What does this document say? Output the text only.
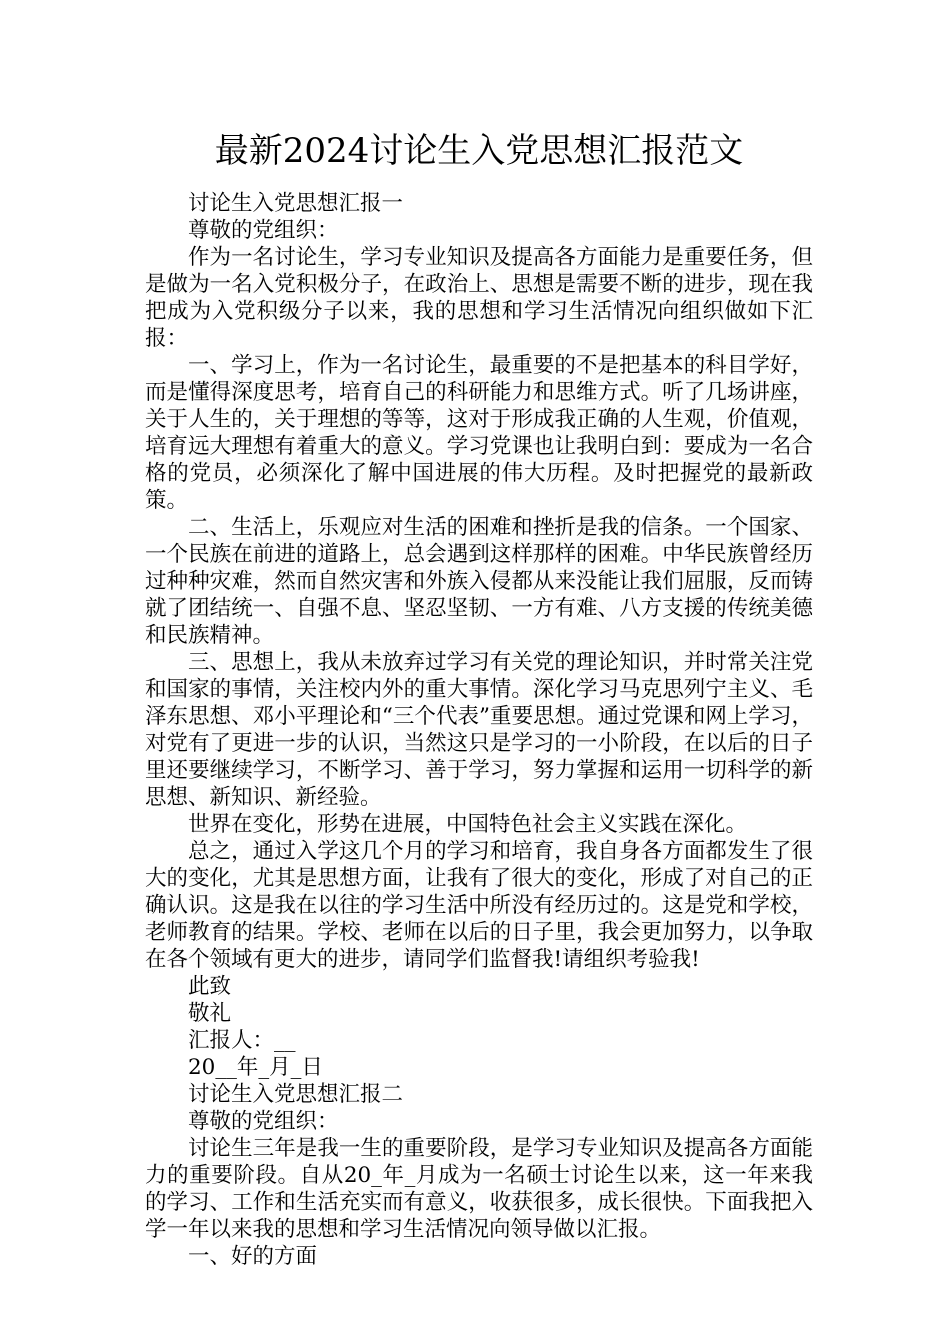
最新2024讨论生入党思想汇报范文

讨论生入党思想汇报一

尊敬的党组织：

作为一名讨论生，学习专业知识及提高各方面能力是重要任务，但是做为一名入党积极分子，在政治上、思想是需要不断的进步，现在我把成为入党积级分子以来，我的思想和学习生活情况向组织做如下汇报：

一、学习上，作为一名讨论生，最重要的不是把基本的科目学好，而是懂得深度思考，培育自己的科研能力和思维方式。听了几场讲座，关于人生的，关于理想的等等，这对于形成我正确的人生观，价值观，培育远大理想有着重大的意义。学习党课也让我明白到：要成为一名合格的党员，必须深化了解中国进展的伟大历程。及时把握党的最新政策。

二、生活上，乐观应对生活的困难和挫折是我的信条。一个国家、一个民族在前进的道路上，总会遇到这样那样的困难。中华民族曾经历过种种灾难，然而自然灾害和外族入侵都从来没能让我们屈服，反而铸就了团结统一、自强不息、坚忍坚韧、一方有难、八方支援的传统美德和民族精神。

三、思想上，我从未放弃过学习有关党的理论知识，并时常关注党和国家的事情，关注校内外的重大事情。深化学习马克思列宁主义、毛泽东思想、邓小平理论和“三个代表”重要思想。通过党课和网上学习，对党有了更进一步的认识，当然这只是学习的一小阶段，在以后的日子里还要继续学习，不断学习、善于学习，努力掌握和运用一切科学的新思想、新知识、新经验。

世界在变化，形势在进展，中国特色社会主义实践在深化。

总之，通过入学这几个月的学习和培育，我自身各方面都发生了很大的变化，尤其是思想方面，让我有了很大的变化，形成了对自己的正确认识。这是我在以往的学习生活中所没有经历过的。这是党和学校，老师教育的结果。学校、老师在以后的日子里，我会更加努力，以争取在各个领域有更大的进步，请同学们监督我!请组织考验我!

此致

敬礼

汇报人：__

20__年_月_日

讨论生入党思想汇报二

尊敬的党组织：

讨论生三年是我一生的重要阶段，是学习专业知识及提高各方面能力的重要阶段。自从20_年_月成为一名硕士讨论生以来，这一年来我的学习、工作和生活充实而有意义，收获很多，成长很快。下面我把入学一年以来我的思想和学习生活情况向领导做以汇报。

一、好的方面
